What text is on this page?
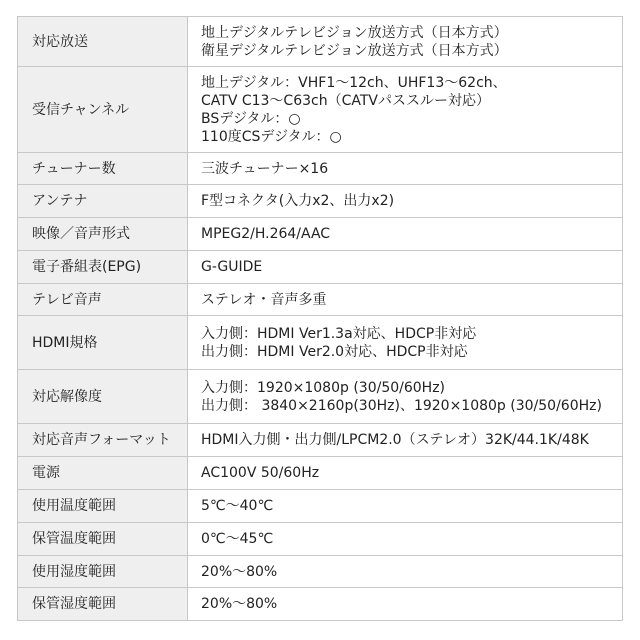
対応放送	地上デジタルテレビジョン放送方式（日本方式）
衛星デジタルテレビジョン放送方式（日本方式）

受信チャンネル	地上デジタル：VHF1〜12ch、UHF13〜62ch、
CATV C13〜C63ch（CATVパススルー対応）
BSデジタル：○
110度CSデジタル：○

チューナー数	三波チューナー×16

アンテナ	F型コネクタ(入力x2、出力x2)

映像／音声形式	MPEG2/H.264/AAC

電子番組表(EPG)	G-GUIDE

テレビ音声	ステレオ・音声多重

HDMI規格	入力側：HDMI Ver1.3a対応、HDCP非対応
出力側：HDMI Ver2.0対応、HDCP非対応

対応解像度	入力側：1920×1080p (30/50/60Hz)
出力側： 3840×2160p(30Hz)、1920×1080p (30/50/60Hz)

対応音声フォーマット	HDMI入力側・出力側/LPCM2.0（ステレオ）32K/44.1K/48K

電源	AC100V 50/60Hz

使用温度範囲	5℃〜40℃

保管温度範囲	0℃〜45℃

使用湿度範囲	20%〜80%

保管湿度範囲	20%〜80%
